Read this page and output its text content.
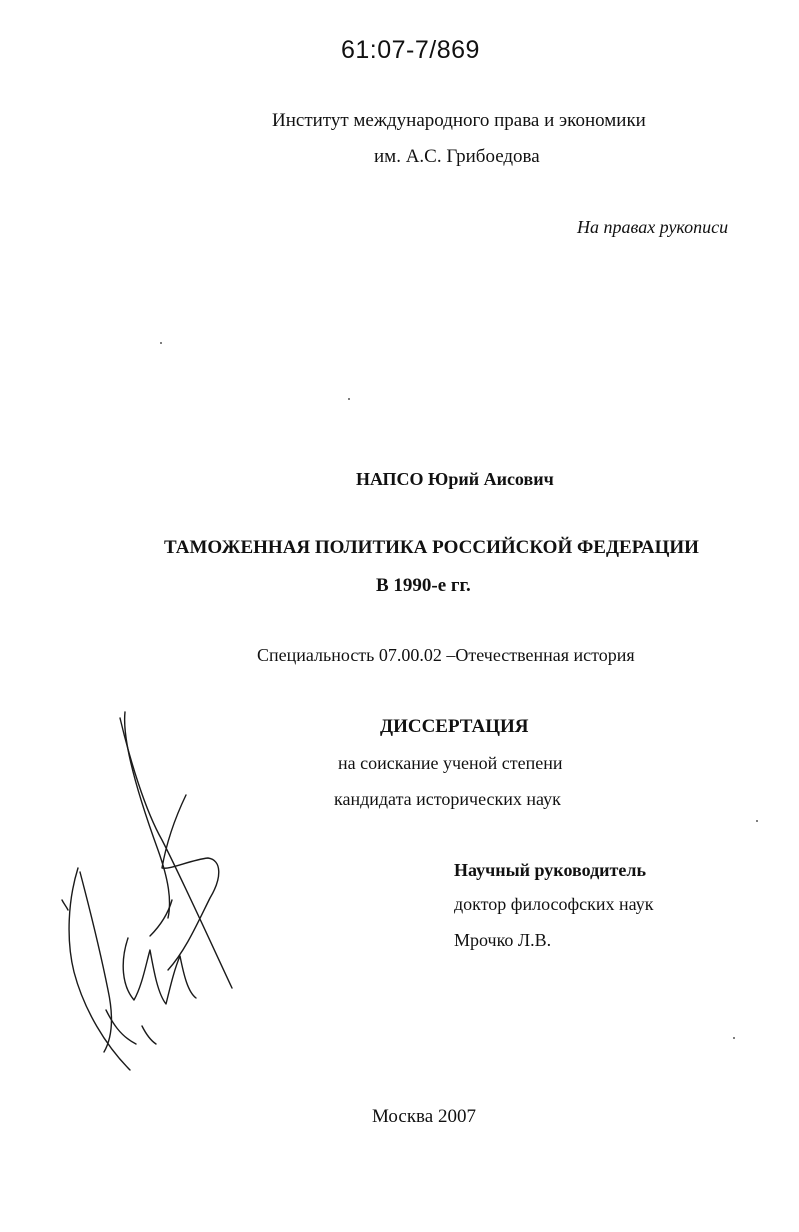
61:07-7/869
Институт международного права и экономики
им. А.С. Грибоедова
На правах рукописи
НАПСО Юрий Аисович
ТАМОЖЕННАЯ ПОЛИТИКА РОССИЙСКОЙ ФЕДЕРАЦИИ
В 1990-е гг.
Специальность 07.00.02 –Отечественная история
ДИССЕРТАЦИЯ
на соискание ученой степени
кандидата исторических наук
Научный руководитель
доктор философских наук
Мрочко Л.В.
Москва 2007
